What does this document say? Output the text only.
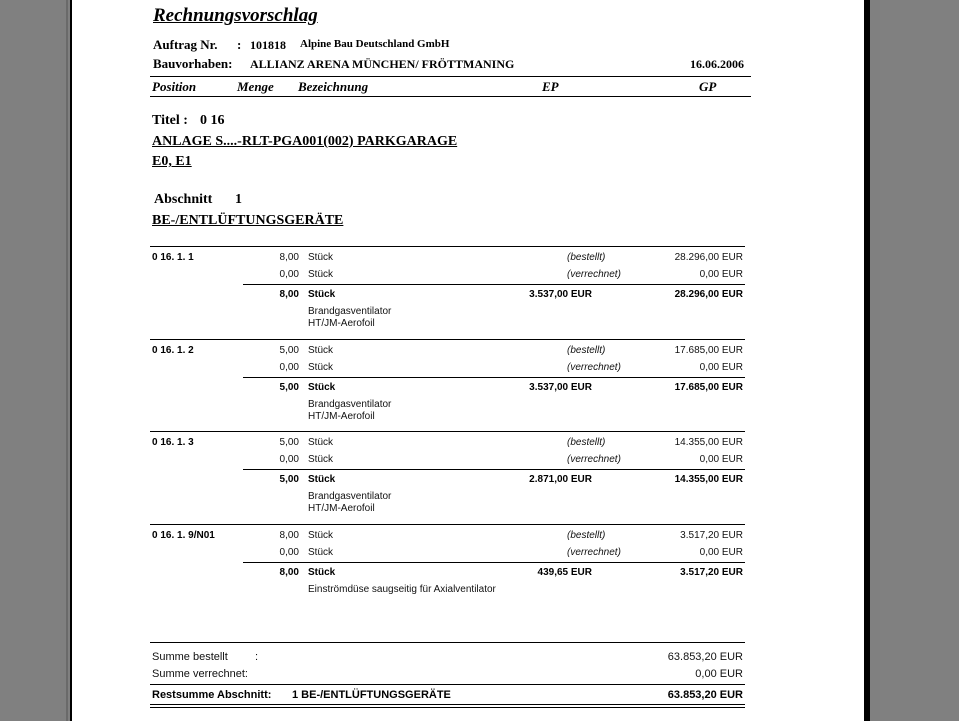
Rechnungsvorschlag
Auftrag Nr. : 101818 Alpine Bau Deutschland GmbH
Bauvorhaben: ALLIANZ ARENA MÜNCHEN/ FRÖTTMANING	16.06.2006
Position	Menge Bezeichnung	EP	GP
Titel : 0 16
ANLAGE S....-RLT-PGA001(002) PARKGARAGE
E0, E1
Abschnitt 1
BE-/ENTLÜFTUNGSGERÄTE
0 16. 1. 1	8,00 Stück	(bestellt)	28.296,00 EUR
0,00 Stück	(verrechnet)	0,00 EUR
8,00 Stück	3.537,00 EUR	28.296,00 EUR
Brandgasventilator
HT/JM-Aerofoil
0 16. 1. 2	5,00 Stück	(bestellt)	17.685,00 EUR
0,00 Stück	(verrechnet)	0,00 EUR
5,00 Stück	3.537,00 EUR	17.685,00 EUR
Brandgasventilator
HT/JM-Aerofoil
0 16. 1. 3	5,00 Stück	(bestellt)	14.355,00 EUR
0,00 Stück	(verrechnet)	0,00 EUR
5,00 Stück	2.871,00 EUR	14.355,00 EUR
Brandgasventilator
HT/JM-Aerofoil
0 16. 1. 9/N01	8,00 Stück	(bestellt)	3.517,20 EUR
0,00 Stück	(verrechnet)	0,00 EUR
8,00 Stück	439,65 EUR	3.517,20 EUR
Einströmdüse saugseitig für Axialventilator
Summe bestellt :	63.853,20 EUR
Summe verrechnet:	0,00 EUR
Restsumme Abschnitt: 1 BE-/ENTLÜFTUNGSGERÄTE	63.853,20 EUR
